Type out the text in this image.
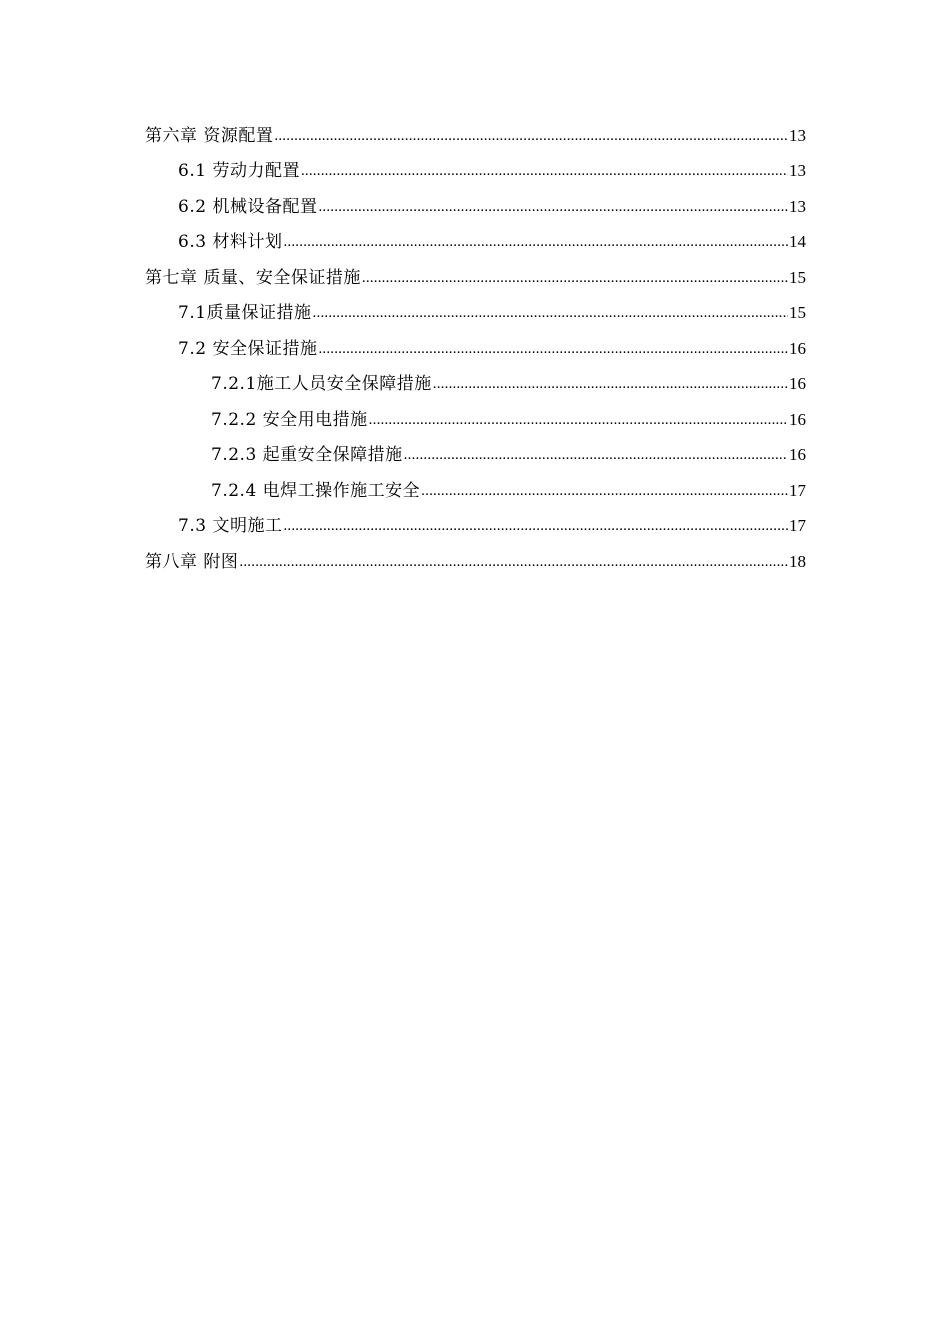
第六章 资源配置 .....	13
6.1 劳动力配置 .....	13
6.2 机械设备配置 .....	13
6.3 材料计划 .....	14
第七章 质量、安全保证措施 .....	15
7.1质量保证措施 .....	15
7.2 安全保证措施 .....	16
7.2.1施工人员安全保障措施 .....	16
7.2.2 安全用电措施 .....	16
7.2.3 起重安全保障措施 .....	16
7.2.4 电焊工操作施工安全 .....	17
7.3 文明施工 .....	17
第八章 附图 .....	18
